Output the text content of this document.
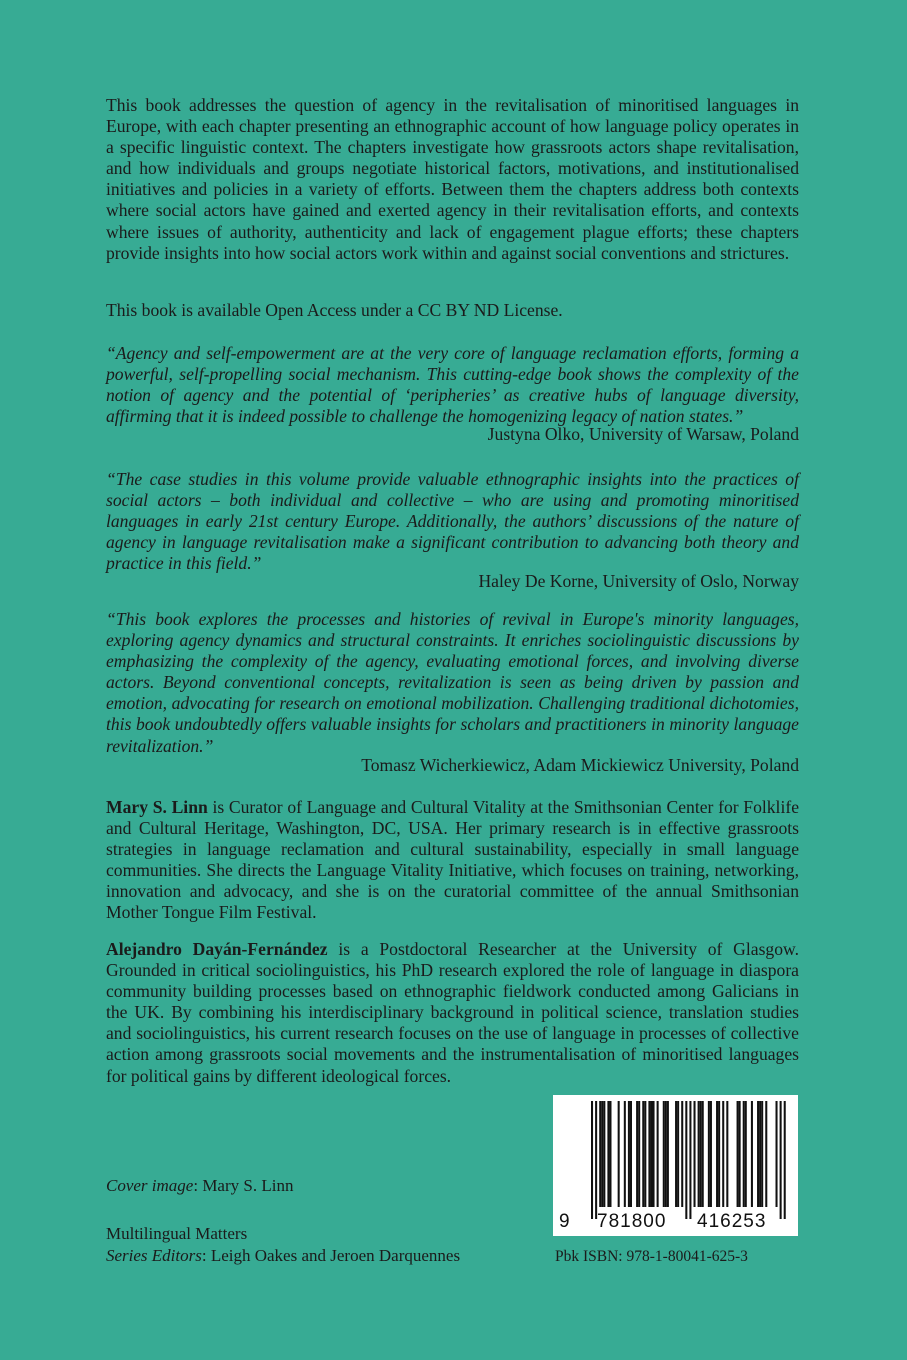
This book addresses the question of agency in the revitalisation of minoritised languages in Europe, with each chapter presenting an ethnographic account of how language policy operates in a specific linguistic context. The chapters investigate how grassroots actors shape revitalisation, and how individuals and groups negotiate historical factors, motivations, and institutionalised initiatives and policies in a variety of efforts. Between them the chapters address both contexts where social actors have gained and exerted agency in their revitalisation efforts, and contexts where issues of authority, authenticity and lack of engagement plague efforts; these chapters provide insights into how social actors work within and against social conventions and strictures.

This book is available Open Access under a CC BY ND License.

“Agency and self-empowerment are at the very core of language reclamation efforts, forming a powerful, self-propelling social mechanism. This cutting-edge book shows the complexity of the notion of agency and the potential of ‘peripheries’ as creative hubs of language diversity, affirming that it is indeed possible to challenge the homogenizing legacy of nation states.”

Justyna Olko, University of Warsaw, Poland

“The case studies in this volume provide valuable ethnographic insights into the practices of social actors – both individual and collective – who are using and promoting minoritised languages in early 21st century Europe. Additionally, the authors’ discussions of the nature of agency in language revitalisation make a significant contribution to advancing both theory and practice in this field.”

Haley De Korne, University of Oslo, Norway

“This book explores the processes and histories of revival in Europe's minority languages, exploring agency dynamics and structural constraints. It enriches sociolinguistic discussions by emphasizing the complexity of the agency, evaluating emotional forces, and involving diverse actors. Beyond conventional concepts, revitalization is seen as being driven by passion and emotion, advocating for research on emotional mobilization. Challenging traditional dichotomies, this book undoubtedly offers valuable insights for scholars and practitioners in minority language revitalization.”

Tomasz Wicherkiewicz, Adam Mickiewicz University, Poland

Mary S. Linn is Curator of Language and Cultural Vitality at the Smithsonian Center for Folklife and Cultural Heritage, Washington, DC, USA. Her primary research is in effective grassroots strategies in language reclamation and cultural sustainability, especially in small language communities. She directs the Language Vitality Initiative, which focuses on training, networking, innovation and advocacy, and she is on the curatorial committee of the annual Smithsonian Mother Tongue Film Festival.

Alejandro Dayán-Fernández is a Postdoctoral Researcher at the University of Glasgow. Grounded in critical sociolinguistics, his PhD research explored the role of language in diaspora community building processes based on ethnographic fieldwork conducted among Galicians in the UK. By combining his interdisciplinary background in political science, translation studies and sociolinguistics, his current research focuses on the use of language in processes of collective action among grassroots social movements and the instrumentalisation of minoritised languages for political gains by different ideological forces.

Cover image: Mary S. Linn

Multilingual Matters

Series Editors: Leigh Oakes and Jeroen Darquennes

9 781800 416253

Pbk ISBN: 978-1-80041-625-3
